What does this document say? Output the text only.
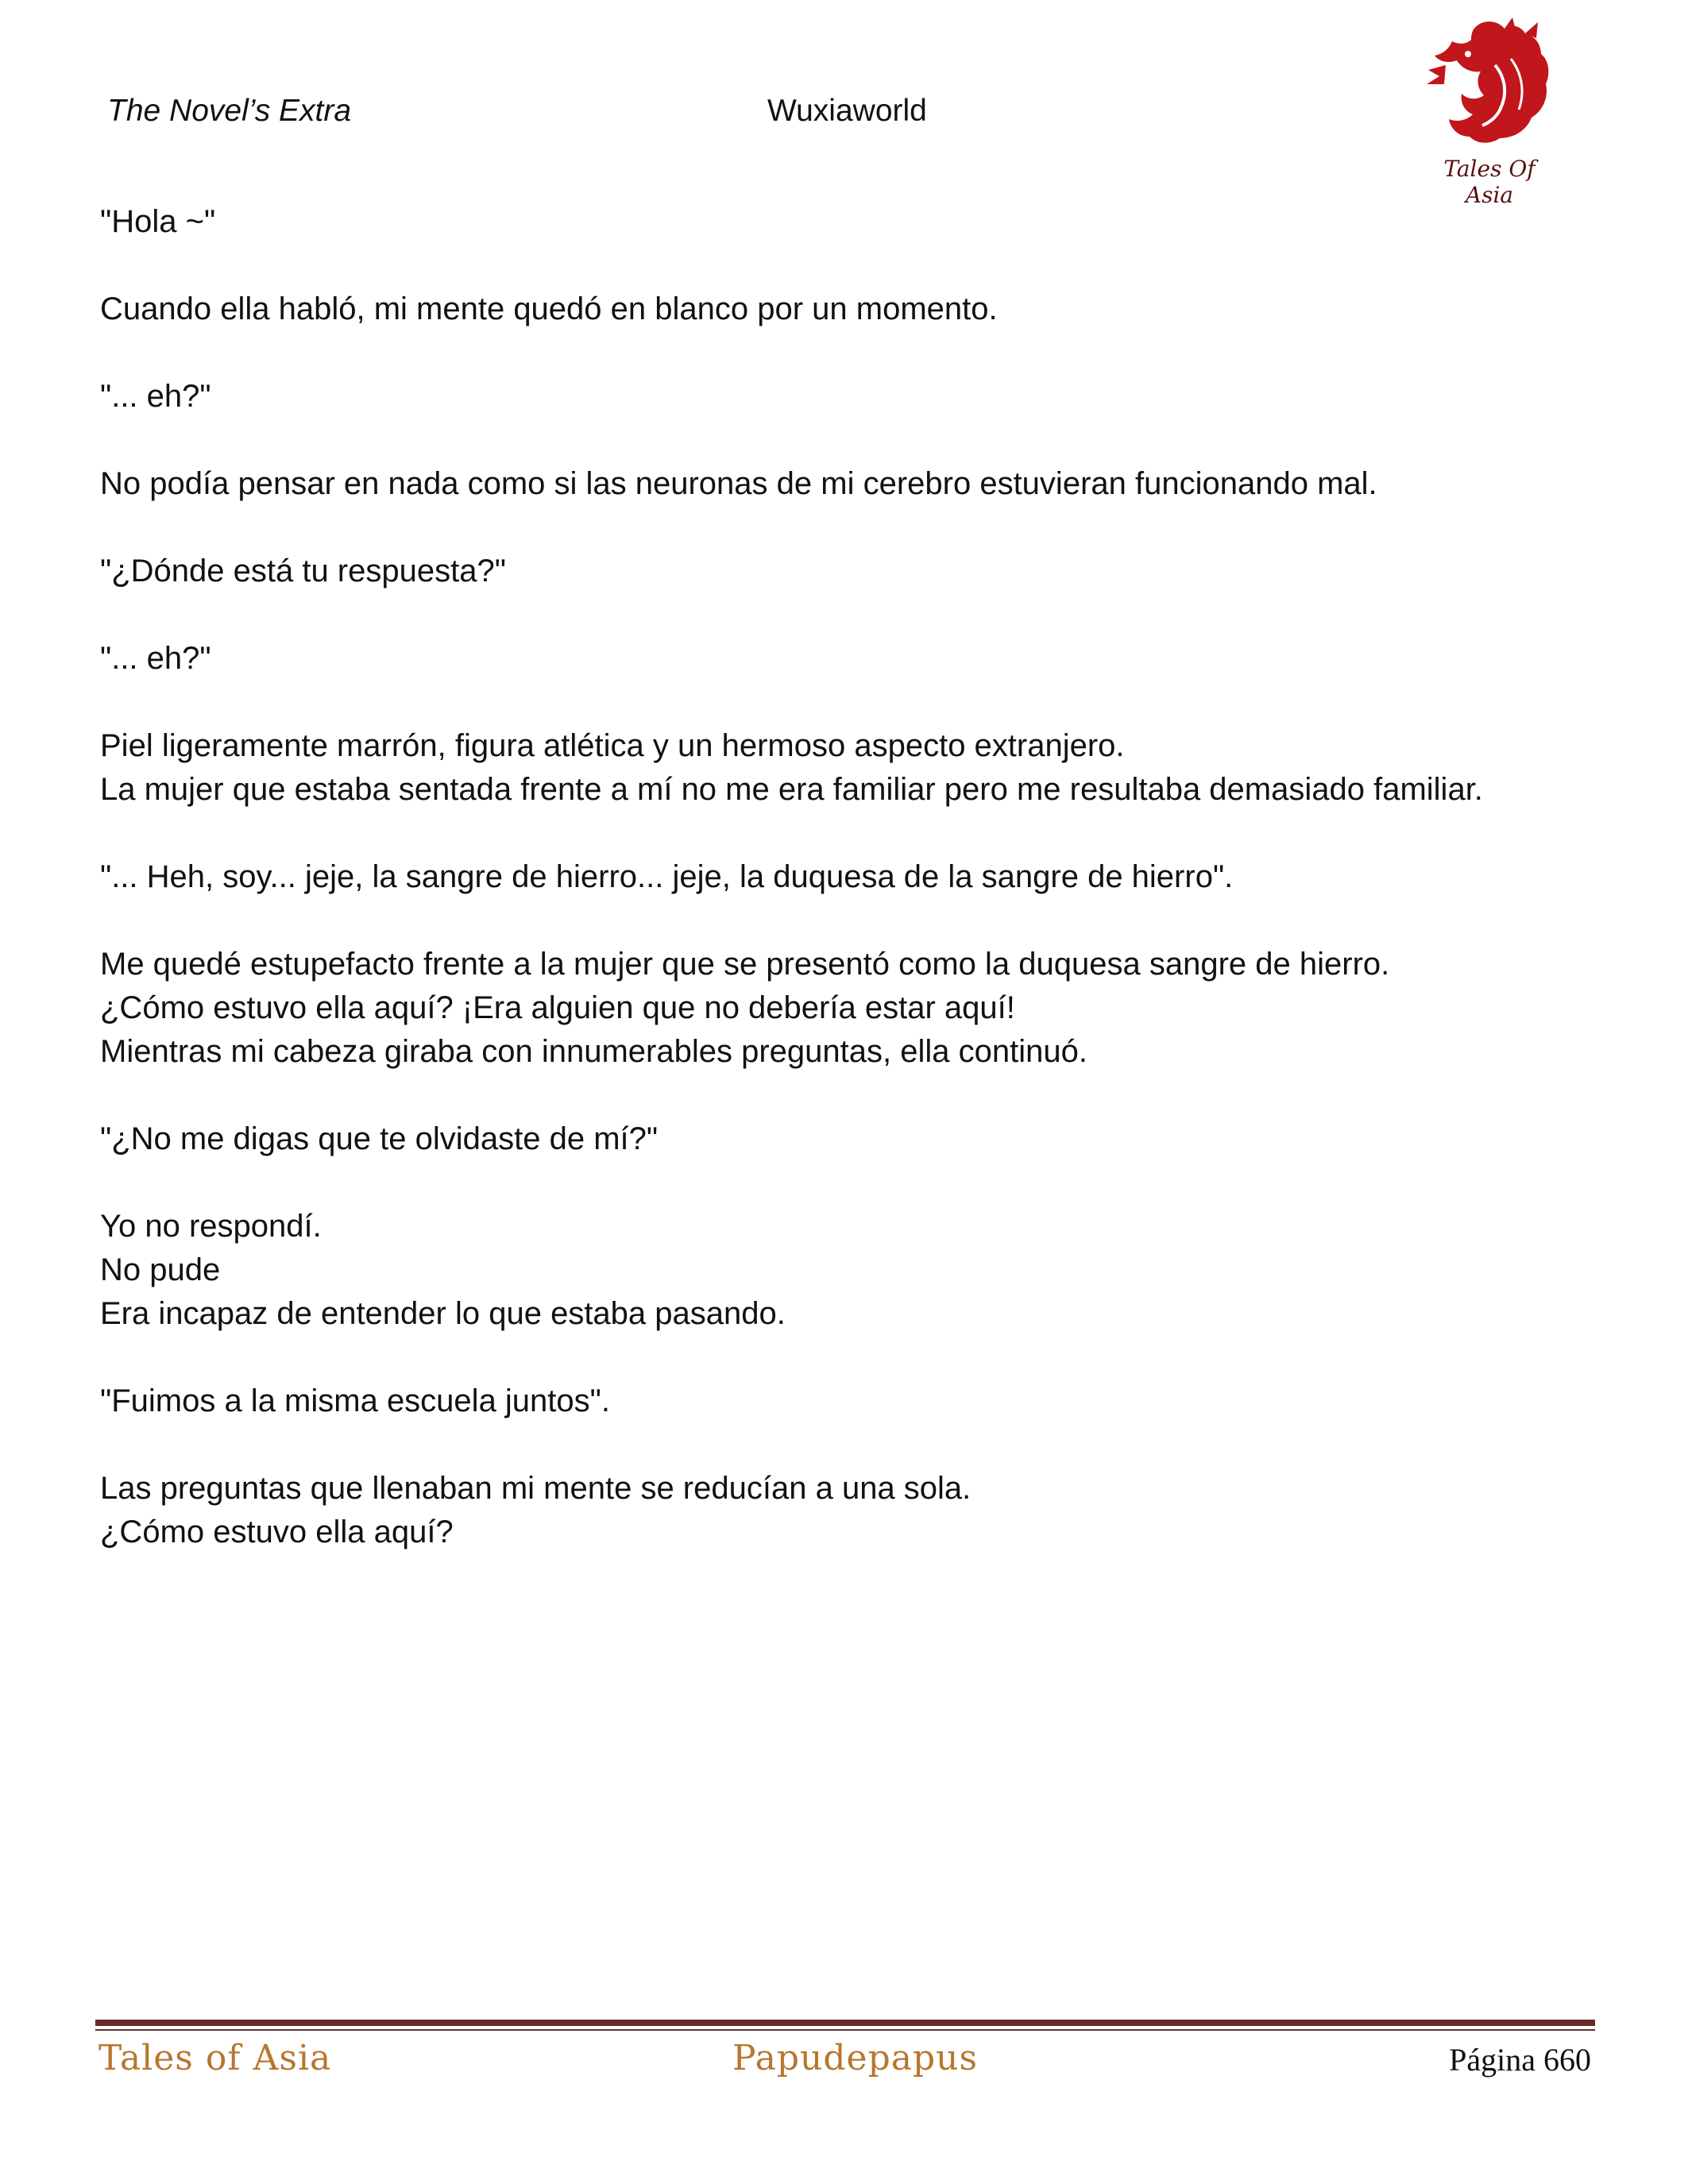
The Novel’s Extra	Wuxiaworld
Tales Of Asia
"Hola ~"
Cuando ella habló, mi mente quedó en blanco por un momento.
"... eh?"
No podía pensar en nada como si las neuronas de mi cerebro estuvieran funcionando mal.
"¿Dónde está tu respuesta?"
"... eh?"
Piel ligeramente marrón, figura atlética y un hermoso aspecto extranjero.
La mujer que estaba sentada frente a mí no me era familiar pero me resultaba demasiado familiar.
"... Heh, soy... jeje, la sangre de hierro... jeje, la duquesa de la sangre de hierro".
Me quedé estupefacto frente a la mujer que se presentó como la duquesa sangre de hierro.
¿Cómo estuvo ella aquí? ¡Era alguien que no debería estar aquí!
Mientras mi cabeza giraba con innumerables preguntas, ella continuó.
"¿No me digas que te olvidaste de mí?"
Yo no respondí.
No pude
Era incapaz de entender lo que estaba pasando.
"Fuimos a la misma escuela juntos".
Las preguntas que llenaban mi mente se reducían a una sola.
¿Cómo estuvo ella aquí?
Tales of Asia	Papudepapus	Página 660
